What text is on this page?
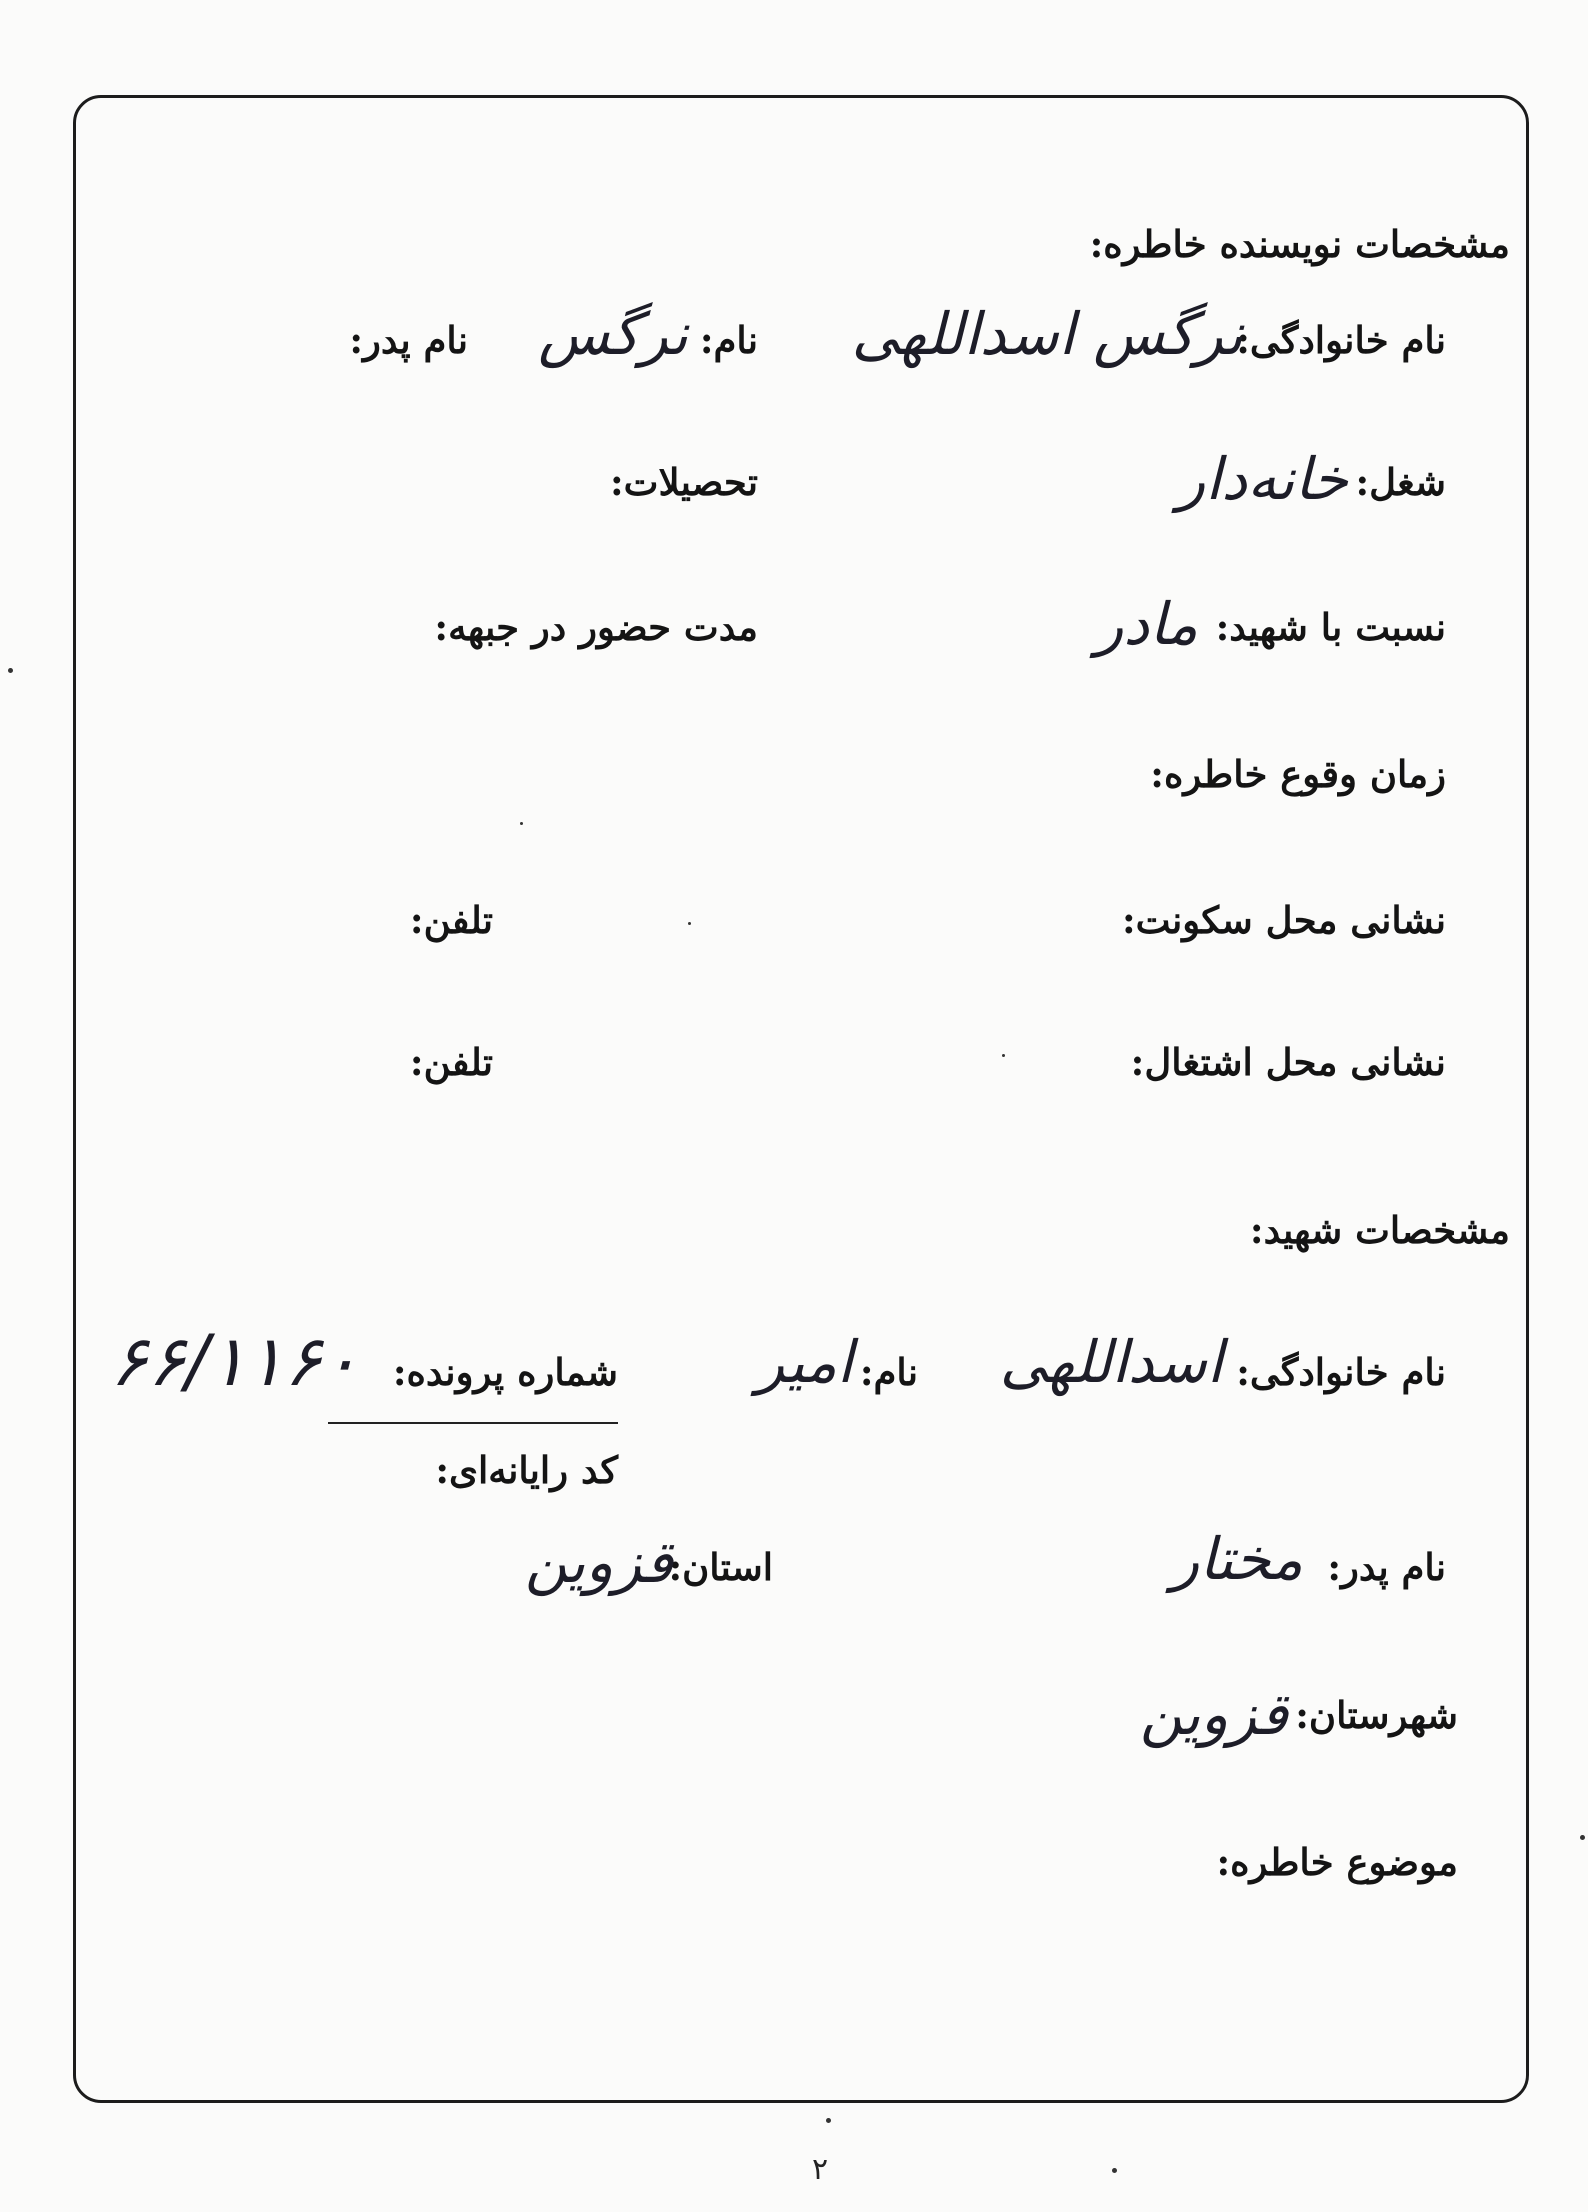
مشخصات نویسنده خاطره:
نام خانوادگی:
نرگس اسداللهی
نام:
نرگس
نام پدر:
شغل:
خانه‌دار
تحصیلات:
نسبت با شهید:
مادر
مدت حضور در جبهه:
زمان وقوع خاطره:
نشانی محل سکونت:
تلفن:
نشانی محل اشتغال:
تلفن:
مشخصات شهید:
نام خانوادگی:
اسداللهی
نام:
امیر
شماره پرونده:
۶۶/۱۱۶۰
کد رایانه‌ای:
نام پدر:
مختار
استان:
قزوین
شهرستان:
قزوین
موضوع خاطره:
۲
